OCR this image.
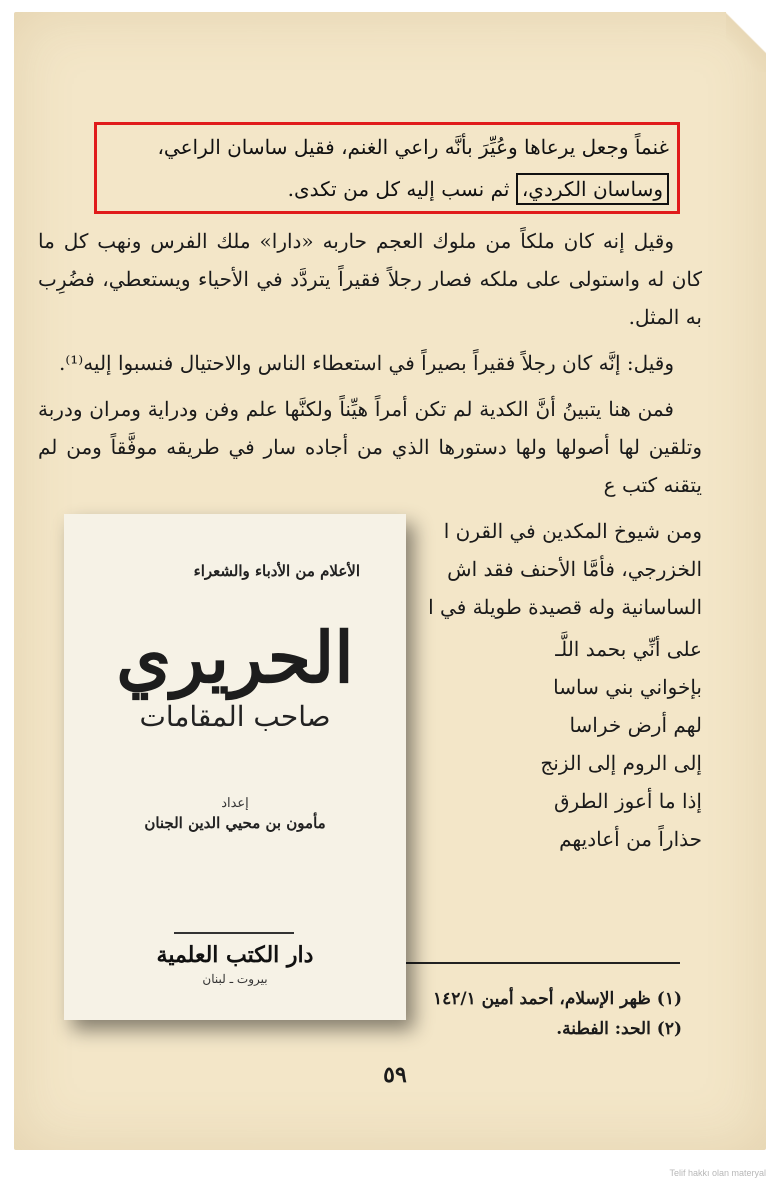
غنماً وجعل يرعاها وعُيِّرَ بأنَّه راعي الغنم، فقيل ساسان الراعي،
وساسان الكردي، ثم نسب إليه كل من تكدى.

وقيل إنه كان ملكاً من ملوك العجم حاربه «دارا» ملك الفرس ونهب كل ما كان له واستولى على ملكه فصار رجلاً فقيراً يتردَّد في الأحياء ويستعطي، فضُرِب به المثل.

وقيل: إنَّه كان رجلاً فقيراً بصيراً في استعطاء الناس والاحتيال فنسبوا إليه⁽¹⁾.

فمن هنا يتبينُ أنَّ الكدية لم تكن أمراً هيِّناً ولكنَّها علم وفن ودراية ومران ودربة وتلقين لها أصولها ولها دستورها الذي من أجاده سار في طريقه موفَّقاً ومن لم يتقنه كتب ع

ومن شيوخ المكدين في القرن ا

الخزرجي، فأمَّا الأحنف فقد اش

الساسانية وله قصيدة طويلة في ا

على أنِّي بحمد اللَّـ
بإخواني بني ساسا
لهم أرض خراسا
إلى الروم إلى الزنج
إذا ما أعوز الطرق
حذاراً من أعاديهم
(١) ظهر الإسلام، أحمد أمين ١٤٢/١
(٢) الحد: الفطنة.
٥٩
الأعلام من الأدباء والشعراء
الحريري
صاحب المقامات
إعداد
مأمون بن محيي الدين الجنان
دار الكتب العلمية
بيروت ـ لبنان
Telif hakkı olan materyal
